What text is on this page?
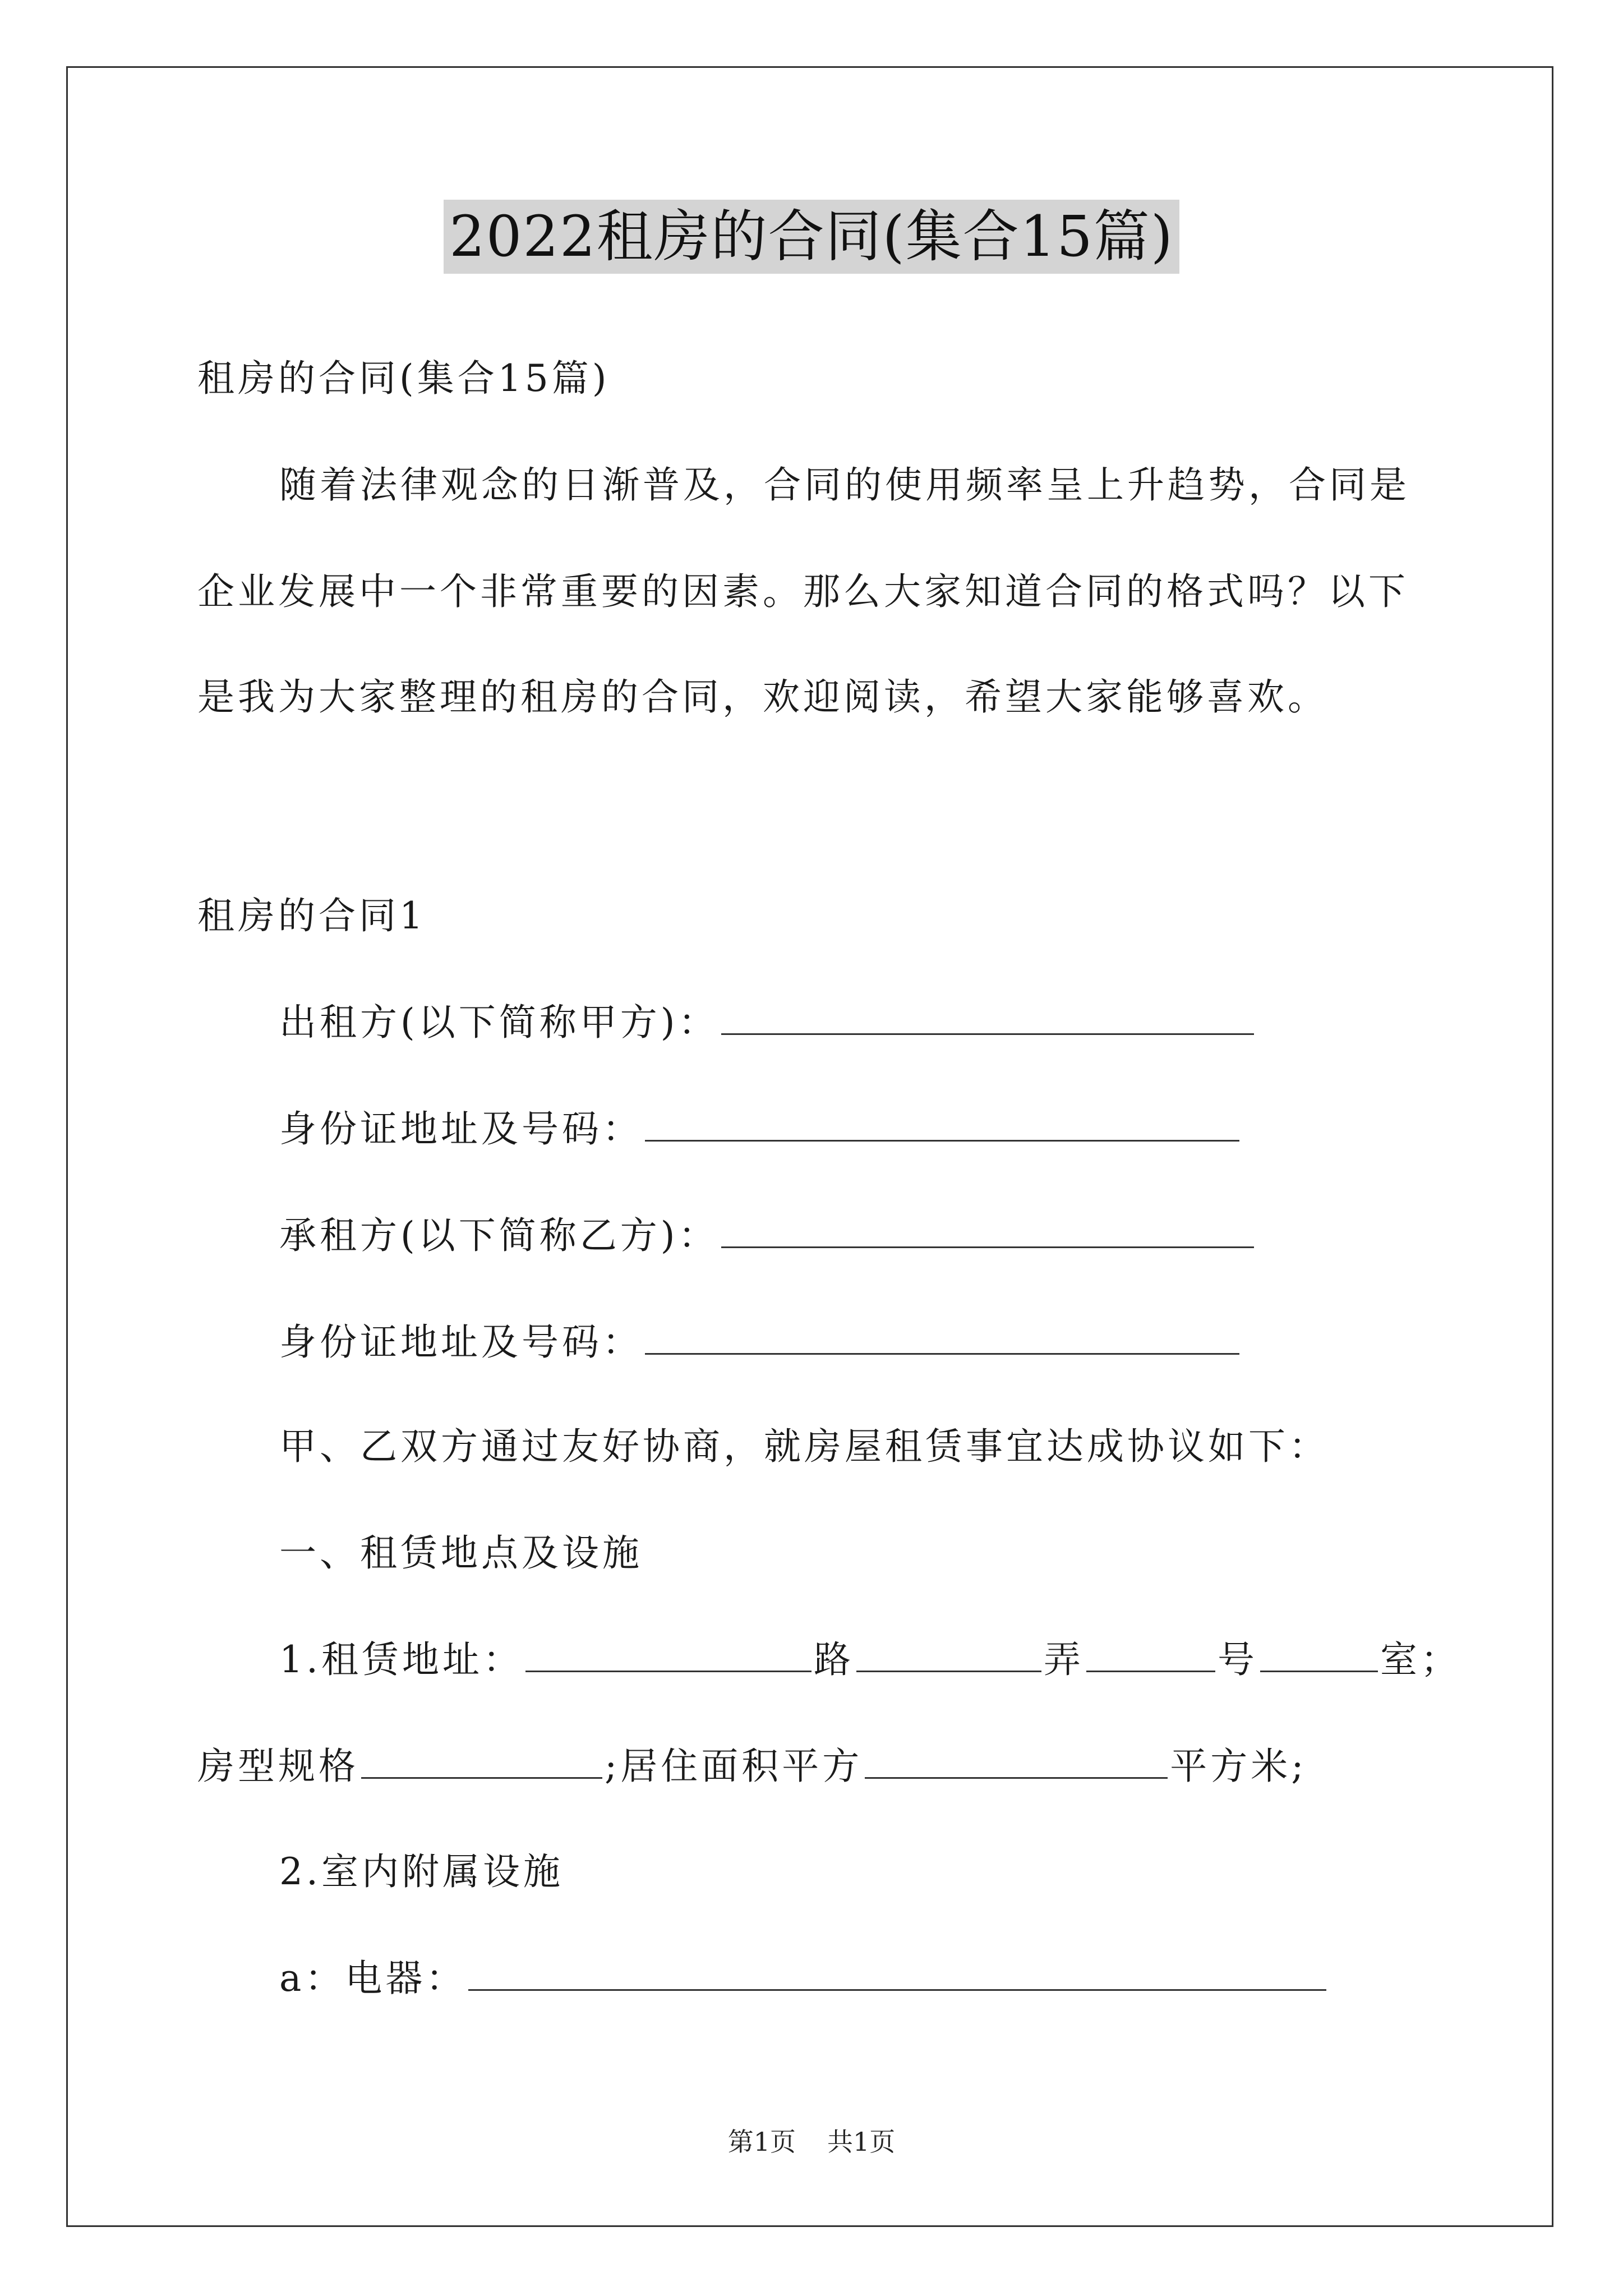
2022租房的合同(集合15篇)
租房的合同(集合15篇)
随着法律观念的日渐普及，合同的使用频率呈上升趋势，合同是
企业发展中一个非常重要的因素。那么大家知道合同的格式吗？以下
是我为大家整理的租房的合同，欢迎阅读，希望大家能够喜欢。
租房的合同1
出租方(以下简称甲方)：
身份证地址及号码：
承租方(以下简称乙方)：
身份证地址及号码：
甲、乙双方通过友好协商，就房屋租赁事宜达成协议如下：
一、租赁地点及设施
1.租赁地址：	路	弄	号	室；
房型规格	;居住面积平方	平方米;
2.室内附属设施
a：电器：
第1页 共1页
